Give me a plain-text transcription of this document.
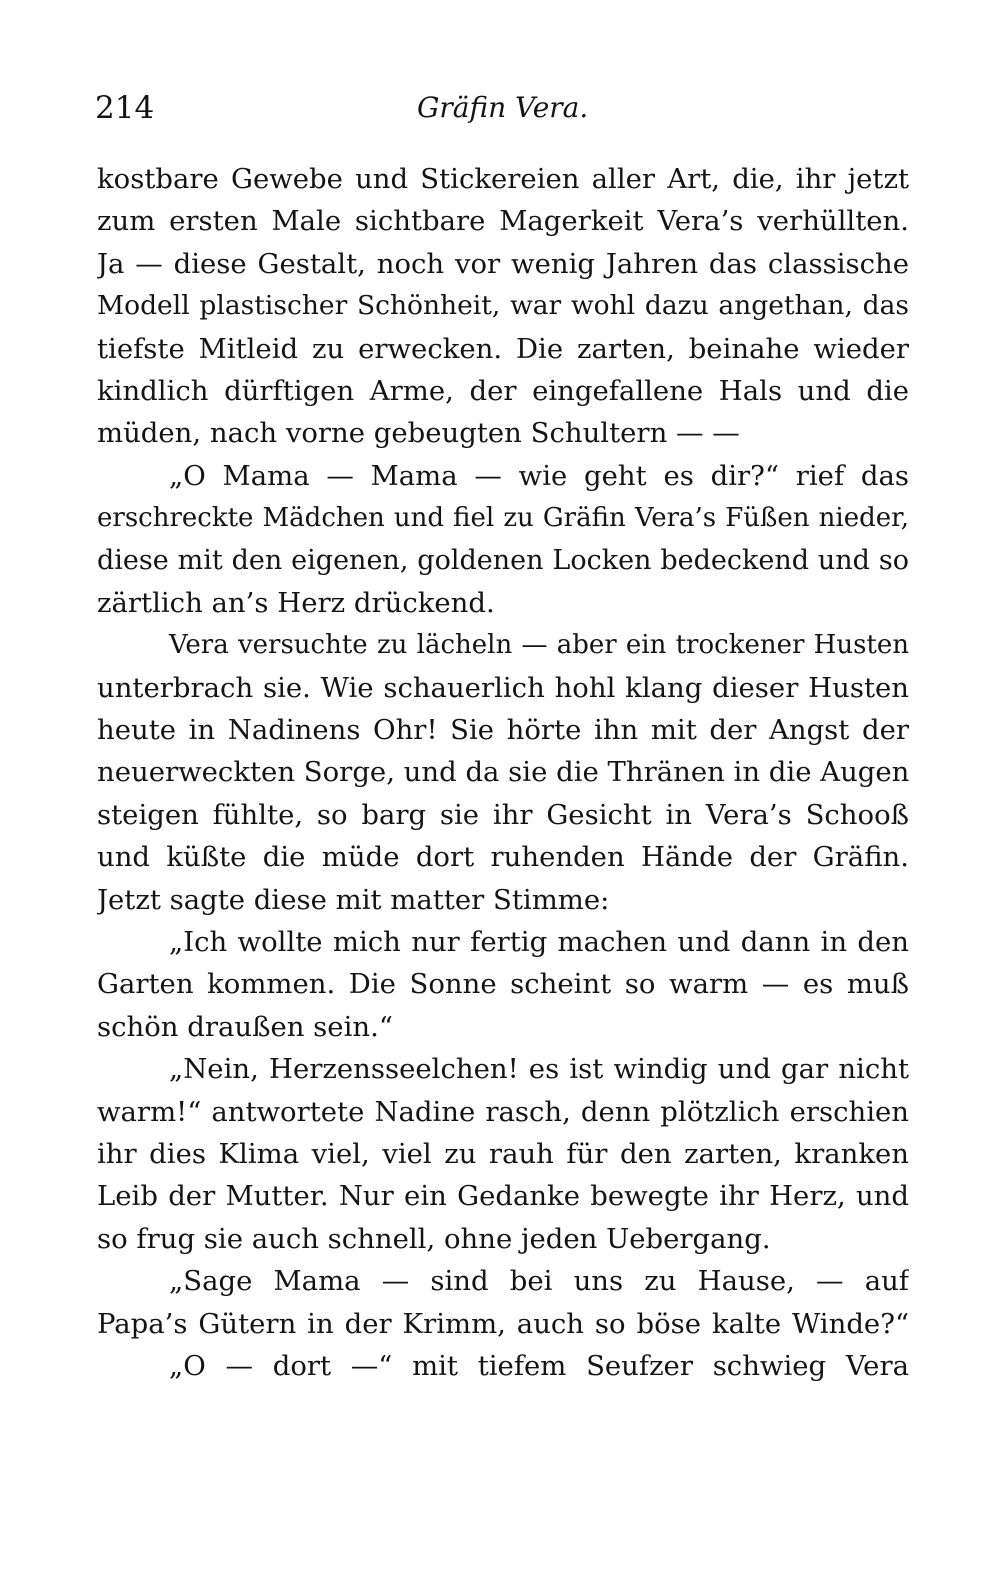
214	Gräfin Vera.
kostbare Gewebe und Stickereien aller Art, die, ihr jetzt
zum ersten Male sichtbare Magerkeit Vera’s verhüllten.
Ja — diese Gestalt, noch vor wenig Jahren das classische
Modell plastischer Schönheit, war wohl dazu angethan, das
tiefste Mitleid zu erwecken. Die zarten, beinahe wieder
kindlich dürftigen Arme, der eingefallene Hals und die
müden, nach vorne gebeugten Schultern — —
„O Mama — Mama — wie geht es dir?“ rief das
erschreckte Mädchen und fiel zu Gräfin Vera’s Füßen nieder,
diese mit den eigenen, goldenen Locken bedeckend und so
zärtlich an’s Herz drückend.
Vera versuchte zu lächeln — aber ein trockener Husten
unterbrach sie. Wie schauerlich hohl klang dieser Husten
heute in Nadinens Ohr! Sie hörte ihn mit der Angst der
neuerweckten Sorge, und da sie die Thränen in die Augen
steigen fühlte, so barg sie ihr Gesicht in Vera’s Schooß
und küßte die müde dort ruhenden Hände der Gräfin.
Jetzt sagte diese mit matter Stimme:
„Ich wollte mich nur fertig machen und dann in den
Garten kommen. Die Sonne scheint so warm — es muß
schön draußen sein.“
„Nein, Herzensseelchen! es ist windig und gar nicht
warm!“ antwortete Nadine rasch, denn plötzlich erschien
ihr dies Klima viel, viel zu rauh für den zarten, kranken
Leib der Mutter. Nur ein Gedanke bewegte ihr Herz, und
so frug sie auch schnell, ohne jeden Uebergang.
„Sage Mama — sind bei uns zu Hause, — auf
Papa’s Gütern in der Krimm, auch so böse kalte Winde?“
„O — dort —“ mit tiefem Seufzer schwieg Vera
